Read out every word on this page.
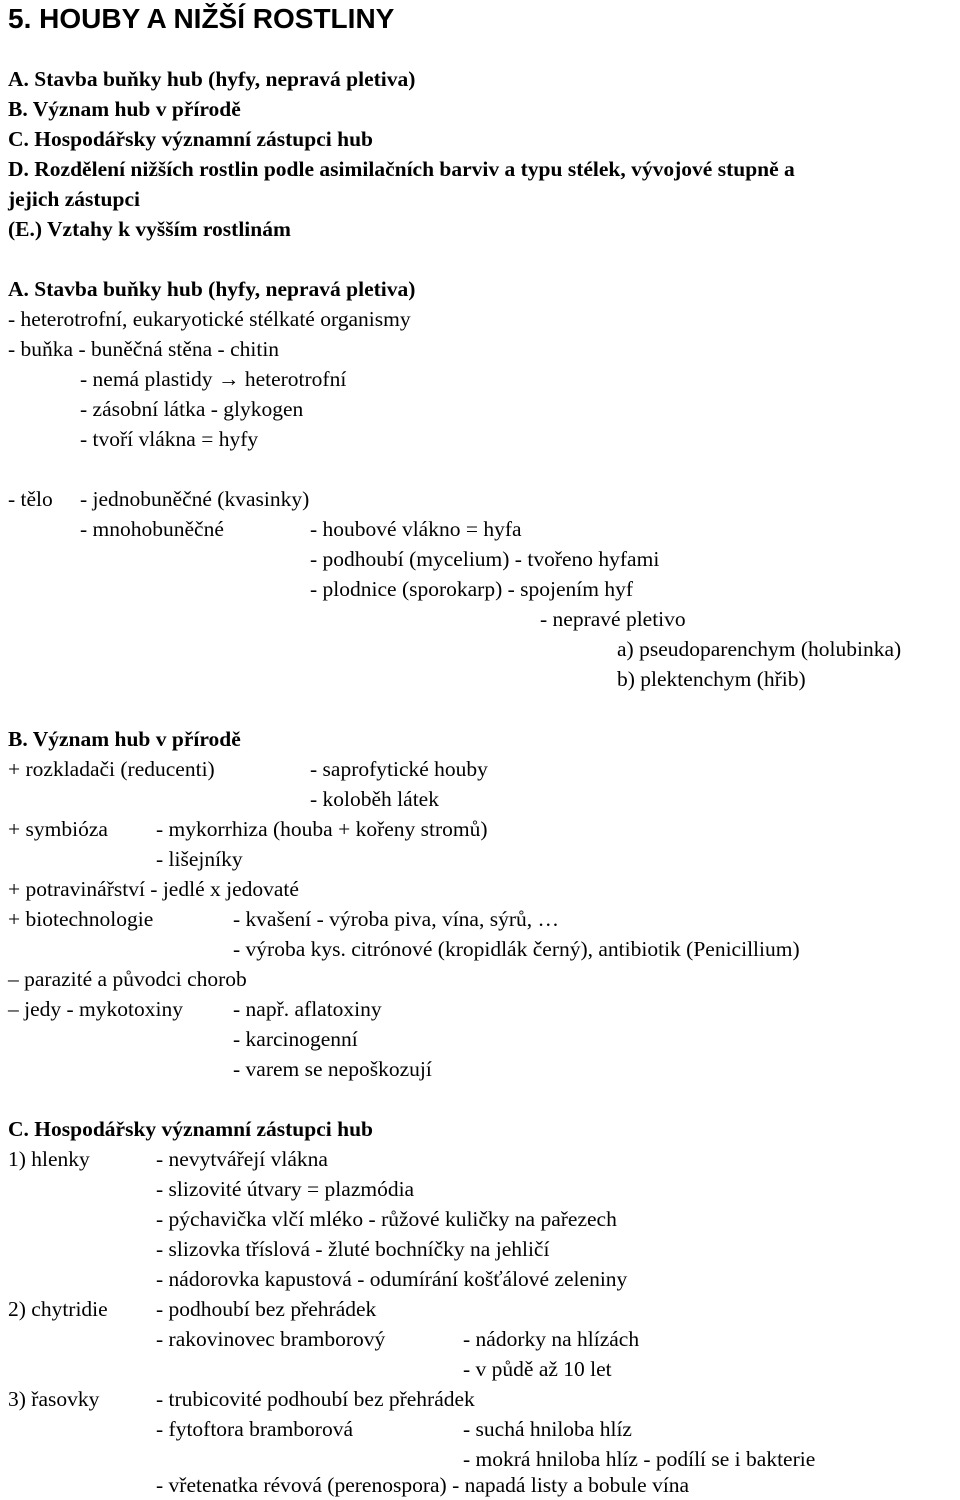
5. HOUBY A NIŽŠÍ ROSTLINY
A. Stavba buňky hub (hyfy, nepravá pletiva)
B. Význam hub v přírodě
C. Hospodářsky významní zástupci hub
D. Rozdělení nižších rostlin podle asimilačních barviv a typu stélek, vývojové stupně a
jejich zástupci
(E.) Vztahy k vyšším rostlinám
A. Stavba buňky hub (hyfy, nepravá pletiva)
- heterotrofní, eukaryotické stélkaté organismy
- buňka - buněčná stěna - chitin
- nemá plastidy → heterotrofní
- zásobní látka - glykogen
- tvoří vlákna = hyfy
- tělo - jednobuněčné (kvasinky)
- mnohobuněčné	- houbové vlákno = hyfa
- podhoubí (mycelium) - tvořeno hyfami
- plodnice (sporokarp) - spojením hyf
- nepravé pletivo
a) pseudoparenchym (holubinka)
b) plektenchym (hřib)
B. Význam hub v přírodě
+ rozkladači (reducenti)	- saprofytické houby
- koloběh látek
+ symbióza - mykorrhiza (houba + kořeny stromů)
- lišejníky
+ potravinářství - jedlé x jedovaté
+ biotechnologie	- kvašení - výroba piva, vína, sýrů, …
- výroba kys. citrónové (kropidlák černý), antibiotik (Penicillium)
– parazité a původci chorob
– jedy - mykotoxiny - např. aflatoxiny
- karcinogenní
- varem se nepoškozují
C. Hospodářsky významní zástupci hub
1) hlenky	- nevytvářejí vlákna
- slizovité útvary = plazmódia
- pýchavička vlčí mléko - růžové kuličky na pařezech
- slizovka tříslová - žluté bochníčky na jehličí
- nádorovka kapustová - odumírání košťálové zeleniny
2) chytridie - podhoubí bez přehrádek
- rakovinovec bramborový	- nádorky na hlízách
- v půdě až 10 let
3) řasovky	- trubicovité podhoubí bez přehrádek
- fytoftora bramborová	- suchá hniloba hlíz
- mokrá hniloba hlíz - podílí se i bakterie
- vřetenatka révová (perenospora) - napadá listy a bobule vína
